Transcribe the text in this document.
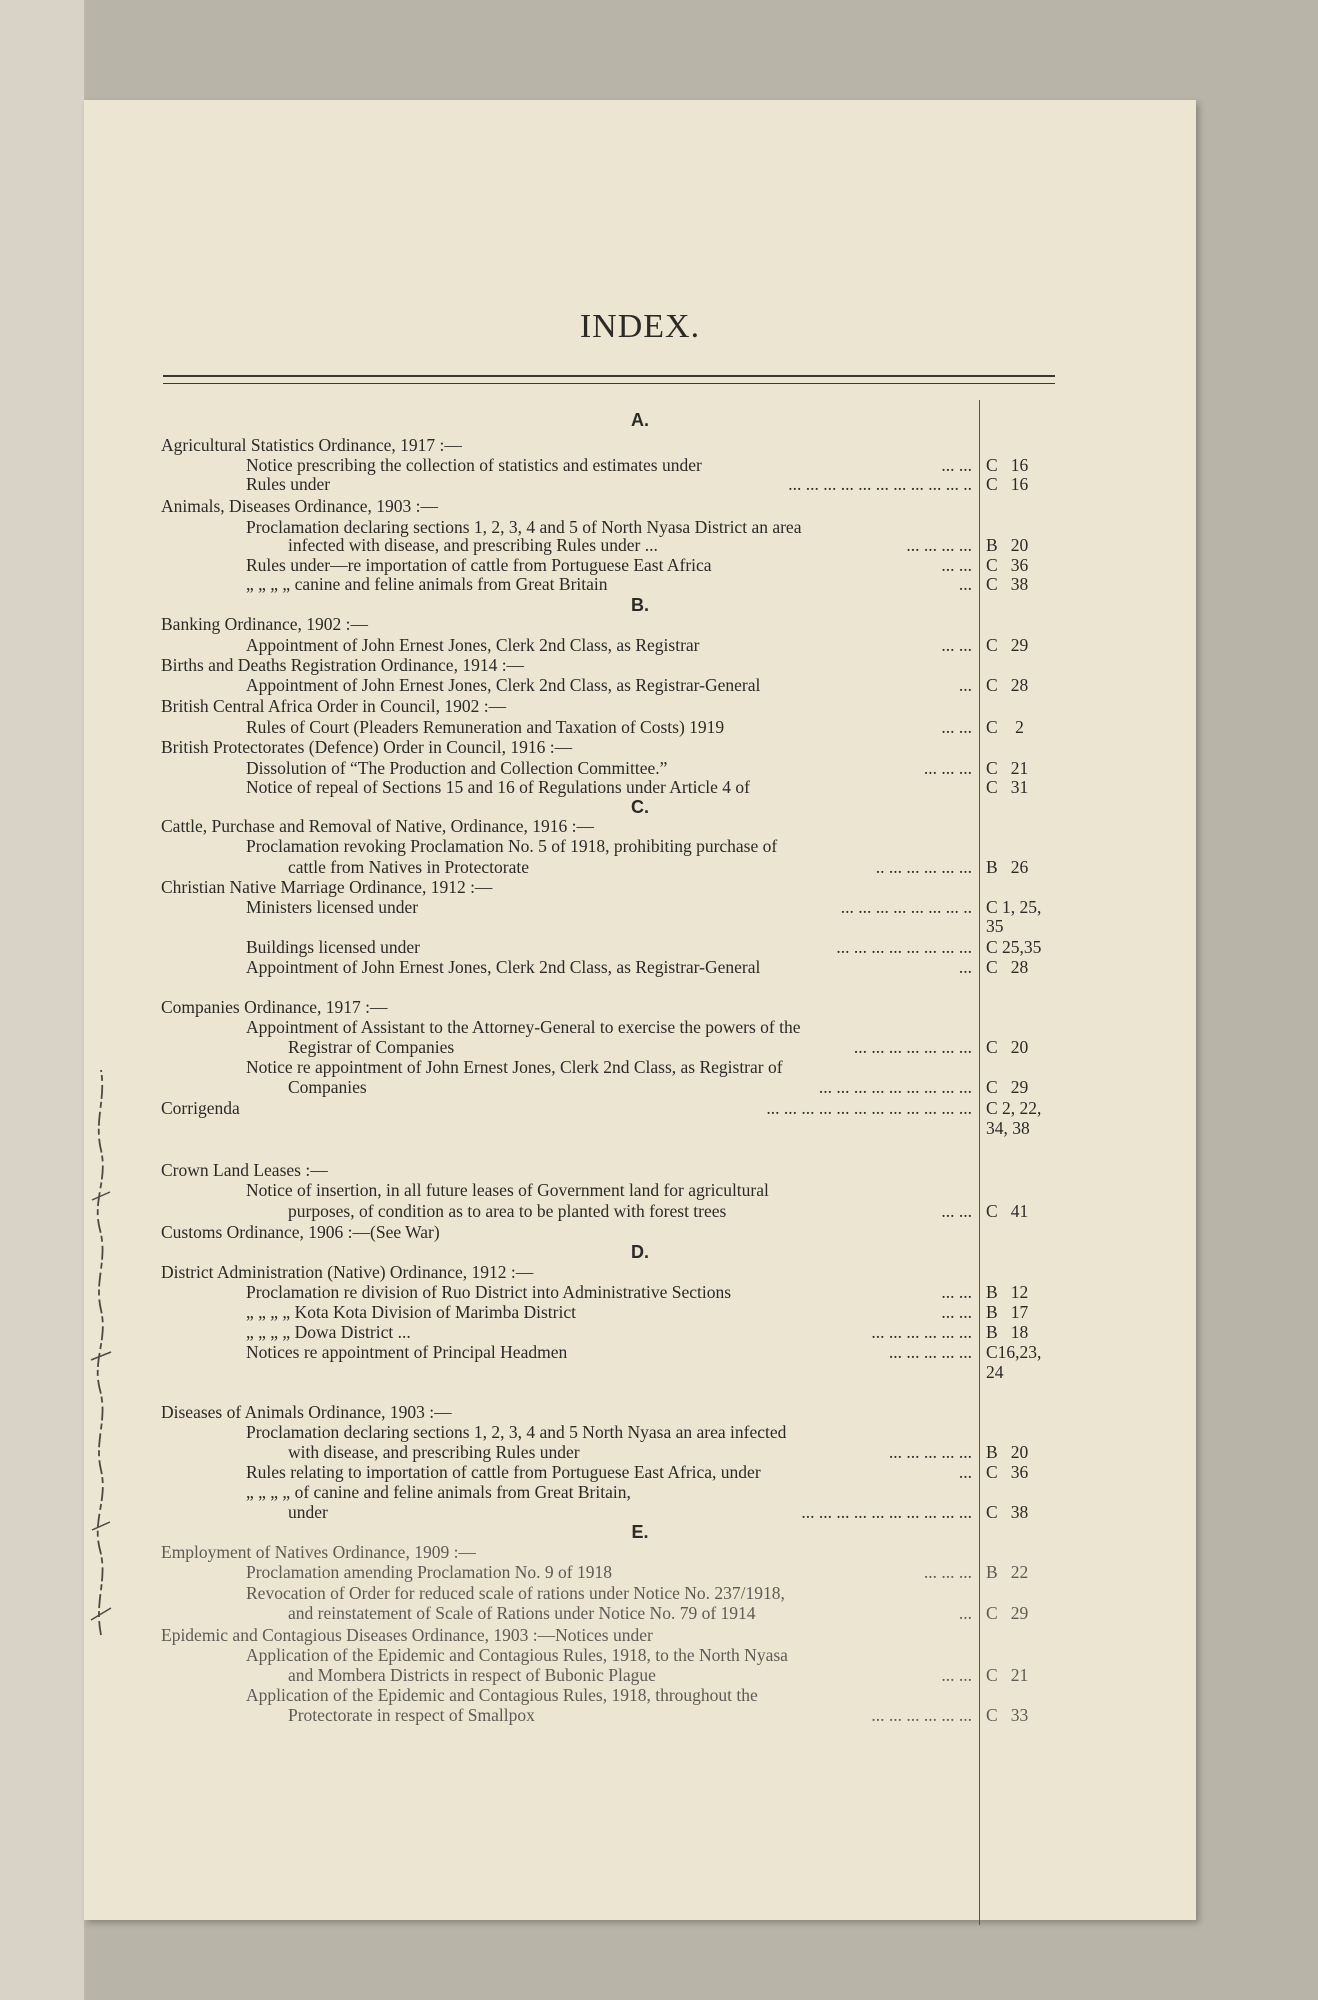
INDEX.
A.
B.
C.
D.
E.
Agricultural Statistics Ordinance, 1917 :—
Notice prescribing the collection of statistics and estimates under	... ... C   16
Rules under	... ... ... ... ... ... ... ... ... ... .. C   16
Animals, Diseases Ordinance, 1903 :—
Proclamation declaring sections 1, 2, 3, 4 and 5 of North Nyasa District an area
infected with disease, and prescribing Rules under ...	... ... ... ... B   20
Rules under—re importation of cattle from Portuguese East Africa	... ... C   36
„ „ „ „ canine and feline animals from Great Britain	... C   38
Banking Ordinance, 1902 :—
Appointment of John Ernest Jones, Clerk 2nd Class, as Registrar	... ... C   29
Births and Deaths Registration Ordinance, 1914 :—
Appointment of John Ernest Jones, Clerk 2nd Class, as Registrar-General	... C   28
British Central Africa Order in Council, 1902 :—
Rules of Court (Pleaders Remuneration and Taxation of Costs) 1919	... ... C    2
British Protectorates (Defence) Order in Council, 1916 :—
Dissolution of “The Production and Collection Committee.”	... ... ... C   21
Notice of repeal of Sections 15 and 16 of Regulations under Article 4 of	C   31
Cattle, Purchase and Removal of Native, Ordinance, 1916 :—
Proclamation revoking Proclamation No. 5 of 1918, prohibiting purchase of
cattle from Natives in Protectorate	.. ... ... ... ... ... B   26
Christian Native Marriage Ordinance, 1912 :—
Ministers licensed under	... ... ... ... ... ... ... .. C 1, 25,
35
Buildings licensed under	... ... ... ... ... ... ... ... C 25,35
Appointment of John Ernest Jones, Clerk 2nd Class, as Registrar-General	... C   28
Companies Ordinance, 1917 :—
Appointment of Assistant to the Attorney-General to exercise the powers of the
Registrar of Companies	... ... ... ... ... ... ... C   20
Notice re appointment of John Ernest Jones, Clerk 2nd Class, as Registrar of
Companies	... ... ... ... ... ... ... ... ... C   29
Corrigenda	... ... ... ... ... ... ... ... ... ... ... ... C 2, 22,
34, 38
Crown Land Leases :—
Notice of insertion, in all future leases of Government land for agricultural
purposes, of condition as to area to be planted with forest trees	... ... C   41
Customs Ordinance, 1906 :—(See War)
District Administration (Native) Ordinance, 1912 :—
Proclamation re division of Ruo District into Administrative Sections	... ... B   12
„ „ „ „ Kota Kota Division of Marimba District	... ... B   17
„ „ „ „ Dowa District ...	... ... ... ... ... ... B   18
Notices re appointment of Principal Headmen	... ... ... ... ... C16,23,
24
Diseases of Animals Ordinance, 1903 :—
Proclamation declaring sections 1, 2, 3, 4 and 5 North Nyasa an area infected
with disease, and prescribing Rules under	... ... ... ... ... B   20
Rules relating to importation of cattle from Portuguese East Africa, under	... C   36
„ „ „ „ of canine and feline animals from Great Britain,
under	... ... ... ... ... ... ... ... ... ... C   38
Employment of Natives Ordinance, 1909 :—
Proclamation amending Proclamation No. 9 of 1918	... ... ... B   22
Revocation of Order for reduced scale of rations under Notice No. 237/1918,
and reinstatement of Scale of Rations under Notice No. 79 of 1914	... C   29
Epidemic and Contagious Diseases Ordinance, 1903 :—Notices under
Application of the Epidemic and Contagious Rules, 1918, to the North Nyasa
and Mombera Districts in respect of Bubonic Plague	... ... C   21
Application of the Epidemic and Contagious Rules, 1918, throughout the
Protectorate in respect of Smallpox	... ... ... ... ... ... C   33
